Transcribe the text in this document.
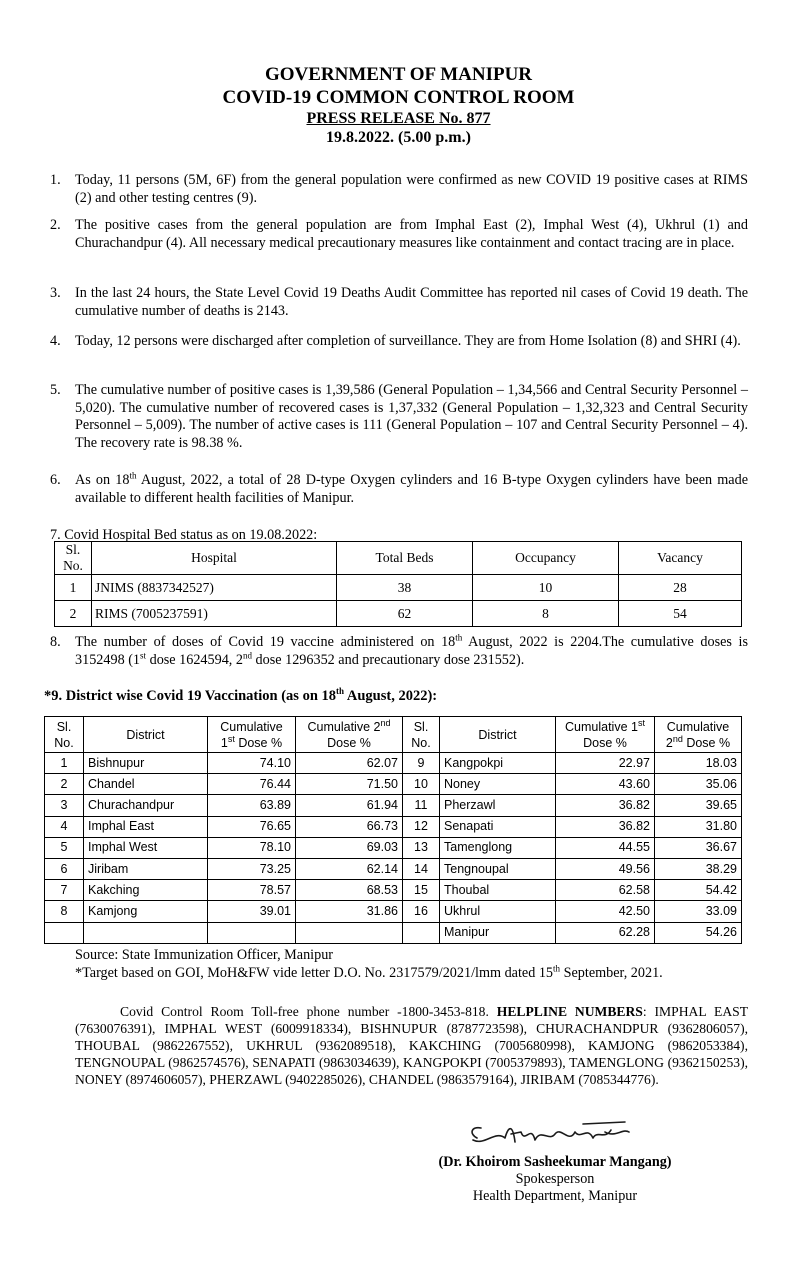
GOVERNMENT OF MANIPUR
COVID-19 COMMON CONTROL ROOM
PRESS RELEASE No. 877
19.8.2022. (5.00 p.m.)
1. Today, 11 persons (5M, 6F) from the general population were confirmed as new COVID 19 positive cases at RIMS (2) and other testing centres (9).
2. The positive cases from the general population are from Imphal East (2), Imphal West (4), Ukhrul (1) and Churachandpur (4). All necessary medical precautionary measures like containment and contact tracing are in place.
3. In the last 24 hours, the State Level Covid 19 Deaths Audit Committee has reported nil cases of Covid 19 death. The cumulative number of deaths is 2143.
4. Today, 12 persons were discharged after completion of surveillance. They are from Home Isolation (8) and SHRI (4).
5. The cumulative number of positive cases is 1,39,586 (General Population – 1,34,566 and Central Security Personnel – 5,020). The cumulative number of recovered cases is 1,37,332 (General Population – 1,32,323 and Central Security Personnel – 5,009). The number of active cases is 111 (General Population – 107 and Central Security Personnel – 4). The recovery rate is 98.38 %.
6. As on 18th August, 2022, a total of 28 D-type Oxygen cylinders and 16 B-type Oxygen cylinders have been made available to different health facilities of Manipur.
7. Covid Hospital Bed status as on 19.08.2022:
Sl. No.	Hospital	Total Beds	Occupancy	Vacancy
1	JNIMS (8837342527)	38	10	28
2	RIMS (7005237591)	62	8	54
8. The number of doses of Covid 19 vaccine administered on 18th August, 2022 is 2204.The cumulative doses is 3152498 (1st dose 1624594, 2nd dose 1296352 and precautionary dose 231552).
*9. District wise Covid 19 Vaccination (as on 18th August, 2022):
Sl. No.	District	Cumulative 1st Dose %	Cumulative 2nd Dose %	Sl. No.	District	Cumulative 1st Dose %	Cumulative 2nd Dose %
1	Bishnupur	74.10	62.07	9	Kangpokpi	22.97	18.03
2	Chandel	76.44	71.50	10	Noney	43.60	35.06
3	Churachandpur	63.89	61.94	11	Pherzawl	36.82	39.65
4	Imphal East	76.65	66.73	12	Senapati	36.82	31.80
5	Imphal West	78.10	69.03	13	Tamenglong	44.55	36.67
6	Jiribam	73.25	62.14	14	Tengnoupal	49.56	38.29
7	Kakching	78.57	68.53	15	Thoubal	62.58	54.42
8	Kamjong	39.01	31.86	16	Ukhrul	42.50	33.09
					Manipur	62.28	54.26
Source: State Immunization Officer, Manipur
*Target based on GOI, MoH&FW vide letter D.O. No. 2317579/2021/lmm dated 15th September, 2021.
Covid Control Room Toll-free phone number -1800-3453-818. HELPLINE NUMBERS: IMPHAL EAST (7630076391), IMPHAL WEST (6009918334), BISHNUPUR (8787723598), CHURACHANDPUR (9362806057), THOUBAL (9862267552), UKHRUL (9362089518), KAKCHING (7005680998), KAMJONG (9862053384), TENGNOUPAL (9862574576), SENAPATI (9863034639), KANGPOKPI (7005379893), TAMENGLONG (9362150253), NONEY (8974606057), PHERZAWL (9402285026), CHANDEL (9863579164), JIRIBAM (7085344776).
(Dr. Khoirom Sasheekumar Mangang)
Spokesperson
Health Department, Manipur
